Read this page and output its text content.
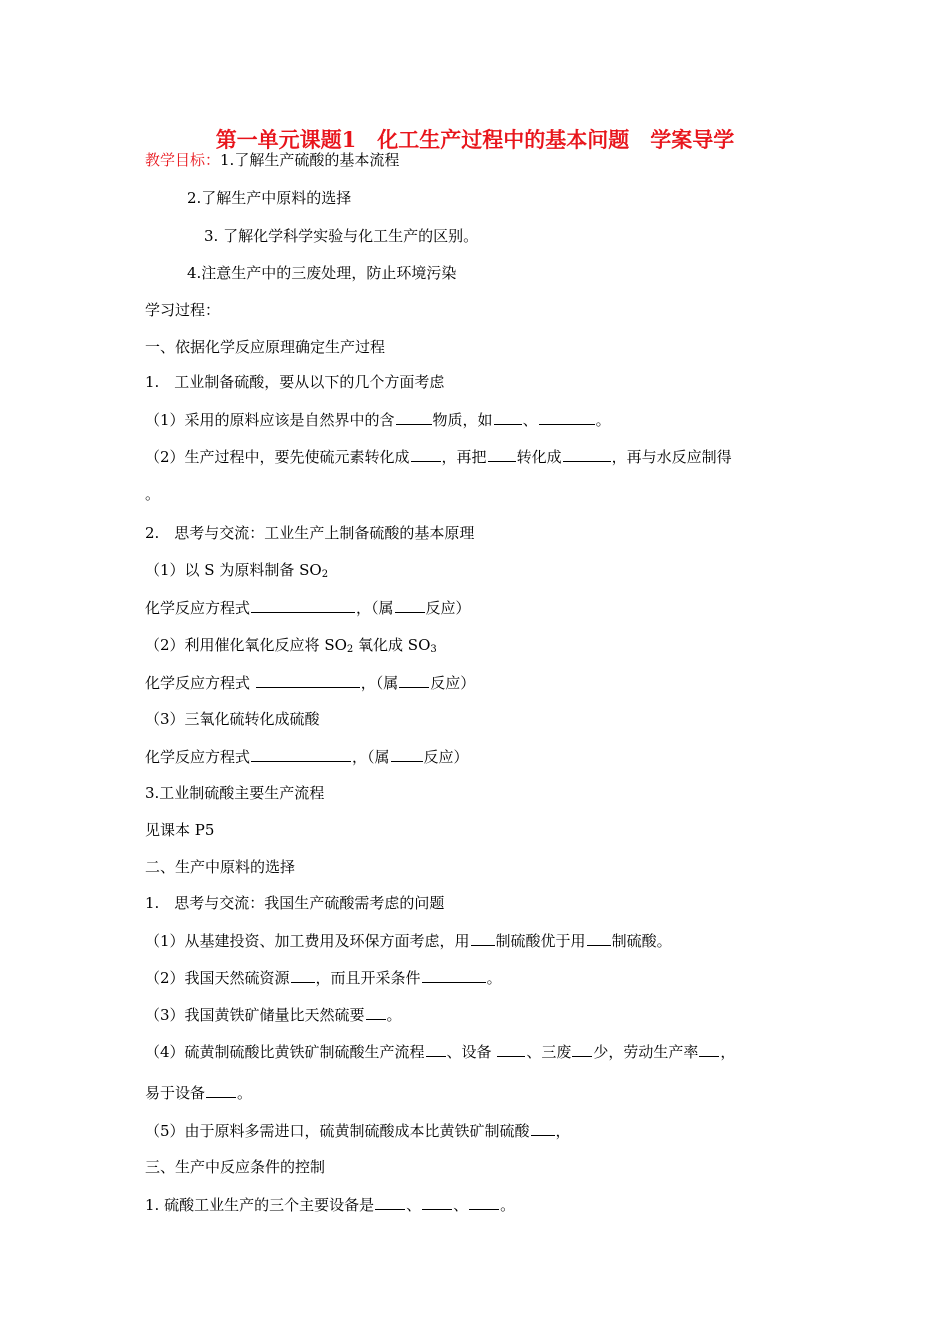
第一单元课题1　化工生产过程中的基本问题　学案导学
教学目标：1.了解生产硫酸的基本流程
2.了解生产中原料的选择
3. 了解化学科学实验与化工生产的区别。
4.注意生产中的三废处理，防止环境污染
学习过程：
一、依据化学反应原理确定生产过程
1.　工业制备硫酸，要从以下的几个方面考虑
（1）采用的原料应该是自然界中的含	物质，如 、	。
（2）生产过程中，要先使硫元素转化成 ，再把 转化成	，再与水反应制得
。
2.　思考与交流：工业生产上制备硫酸的基本原理
（1）以 S 为原料制备 $SO_2$
化学反应方程式	，（属 反应）
（2）利用催化氧化反应将 $SO_2$ 氧化成 $SO_3$
化学反应方程式	，（属 反应）
（3）三氧化硫转化成硫酸
化学反应方程式	，（属 反应）
3.工业制硫酸主要生产流程
见课本 P5
二、生产中原料的选择
1.　思考与交流：我国生产硫酸需考虑的问题
（1）从基建投资、加工费用及环保方面考虑，用 制硫酸优于用 制硫酸。
（2）我国天然硫资源 ，而且开采条件	。
（3）我国黄铁矿储量比天然硫要 。
（4）硫黄制硫酸比黄铁矿制硫酸生产流程 、设备 、三废 少，劳动生产率 ，
易于设备 。
（5）由于原料多需进口，硫黄制硫酸成本比黄铁矿制硫酸 ，
三、生产中反应条件的控制
1. 硫酸工业生产的三个主要设备是 、 、 。
